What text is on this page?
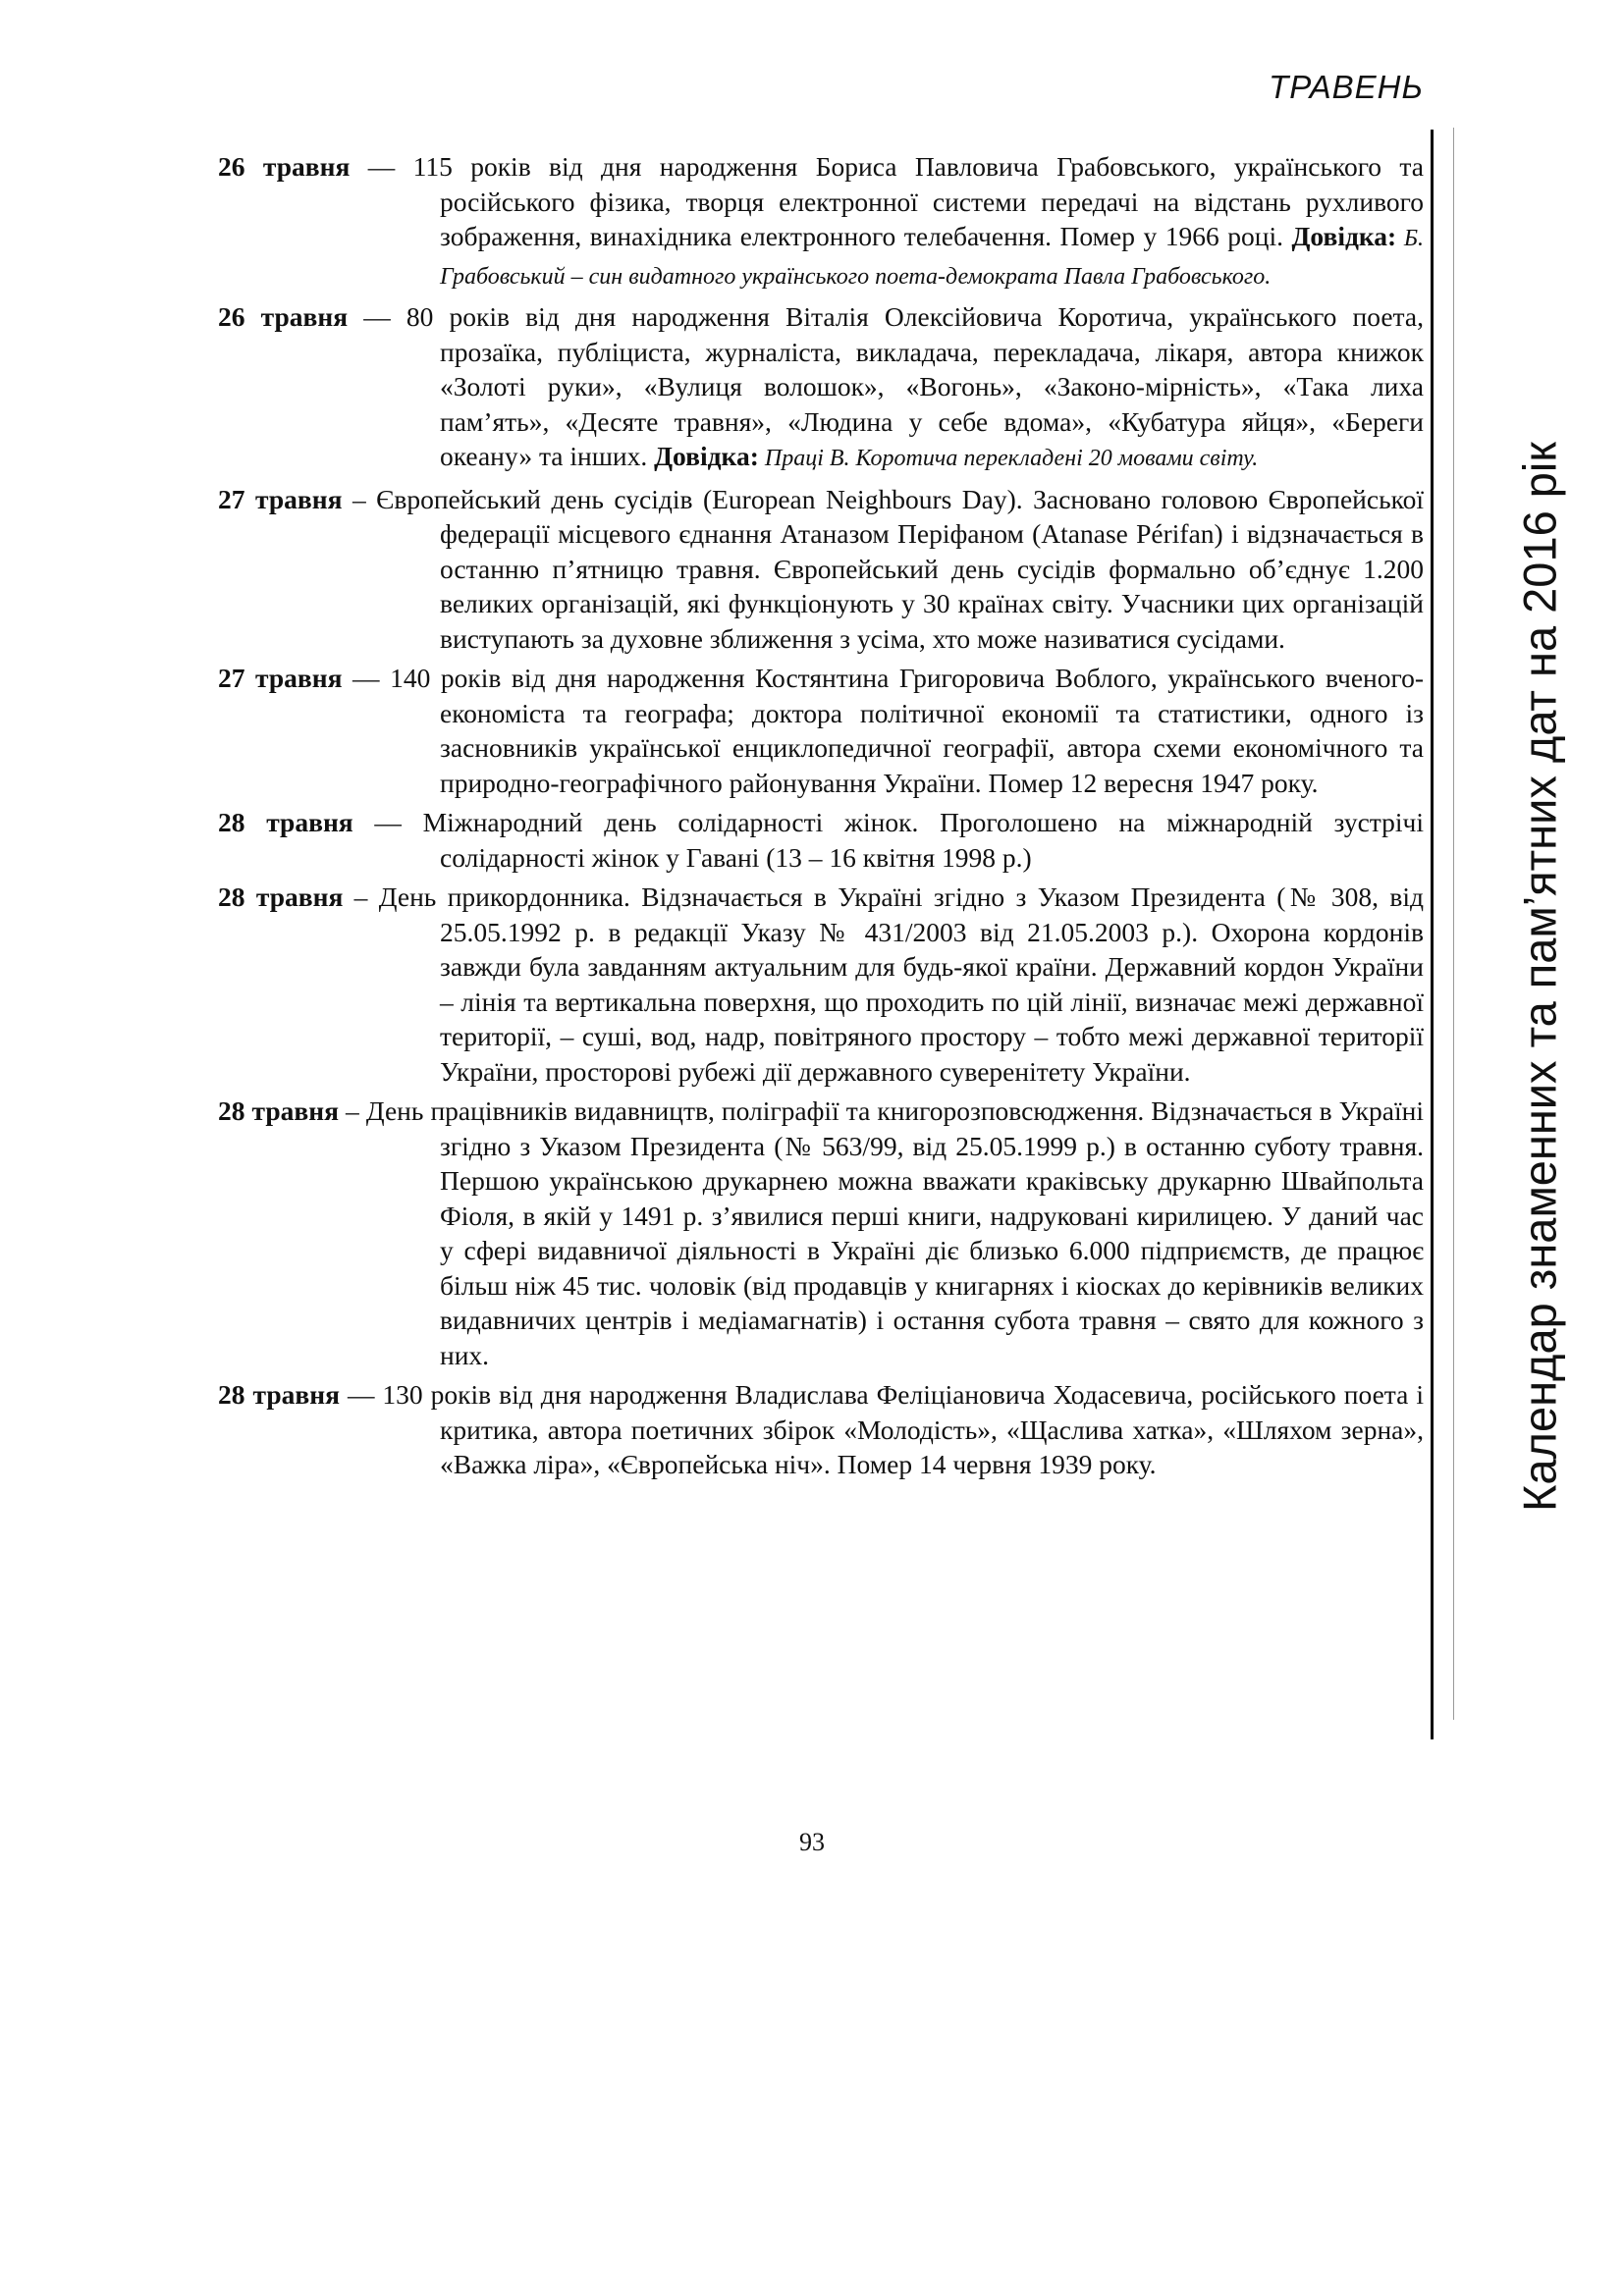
ТРАВЕНЬ
Календар знаменних та пам’ятних дат на 2016 рік

26 травня — 115 років від дня народження Бориса Павловича Грабовського, українського та російського фізика, творця електронної системи передачі на відстань рухливого зображення, винахідника електронного телебачення. Помер у 1966 році. Довідка: Б. Грабовський – син видатного українського поета-демократа Павла Грабовського.

26 травня — 80 років від дня народження Віталія Олексійовича Коротича, українського поета, прозаїка, публіциста, журналіста, викладача, перекладача, лікаря, автора книжок «Золоті руки», «Вулиця волошок», «Вогонь», «Законо-мірність», «Така лиха пам’ять», «Десяте травня», «Людина у себе вдома», «Кубатура яйця», «Береги океану» та інших. Довідка: Праці В. Коротича перекладені 20 мовами світу.

27 травня – Європейський день сусідів (European Neighbours Day). Засновано головою Європейської федерації місцевого єднання Атаназом Періфаном (Atanase Périfan) і відзначається в останню п’ятницю травня. Європейський день сусідів формально об’єднує 1.200 великих організацій, які функціонують у 30 країнах світу. Учасники цих організацій виступають за духовне зближення з усіма, хто може називатися сусідами.

27 травня — 140 років від дня народження Костянтина Григоровича Воблого, українського вченого-економіста та географа; доктора політичної економії та статистики, одного із засновників української енциклопедичної географії, автора схеми економічного та природно-географічного районування України. Помер 12 вересня 1947 року.

28 травня — Міжнародний день солідарності жінок. Проголошено на міжнародній зустрічі солідарності жінок у Гавані (13 – 16 квітня 1998 р.)

28 травня – День прикордонника. Відзначається в Україні згідно з Указом Президента (№ 308, від 25.05.1992 р. в редакції Указу № 431/2003 від 21.05.2003 р.). Охорона кордонів завжди була завданням актуальним для будь-якої країни. Державний кордон України – лінія та вертикальна поверхня, що проходить по цій лінії, визначає межі державної території, – суші, вод, надр, повітряного простору – тобто межі державної території України, просторові рубежі дії державного суверенітету України.

28 травня – День працівників видавництв, поліграфії та книгорозповсюдження. Відзначається в Україні згідно з Указом Президента (№ 563/99, від 25.05.1999 р.) в останню суботу травня. Першою українською друкарнею можна вважати краківську друкарню Швайпольта Фіоля, в якій у 1491 р. з’явилися перші книги, надруковані кирилицею. У даний час у сфері видавничої діяльності в Україні діє близько 6.000 підприємств, де працює більш ніж 45 тис. чоловік (від продавців у книгарнях і кіосках до керівників великих видавничих центрів і медіамагнатів) і остання субота травня – свято для кожного з них.

28 травня — 130 років від дня народження Владислава Феліціановича Ходасевича, російського поета і критика, автора поетичних збірок «Молодість», «Щаслива хатка», «Шляхом зерна», «Важка ліра», «Європейська ніч». Помер 14 червня 1939 року.

93
